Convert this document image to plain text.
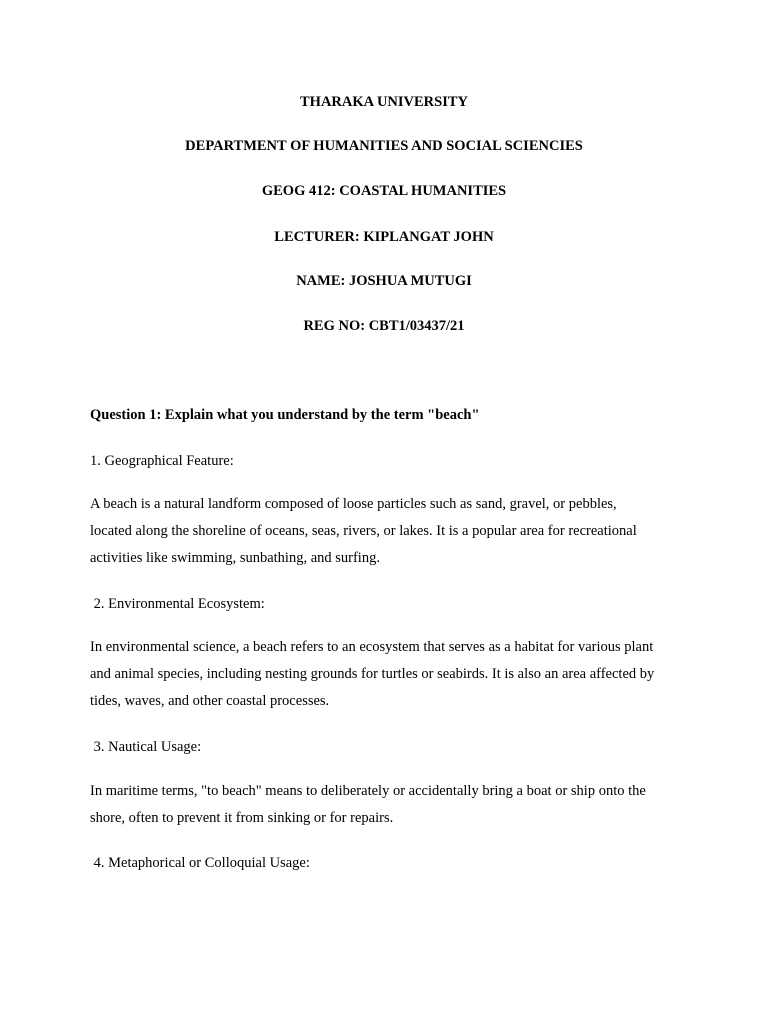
THARAKA UNIVERSITY

DEPARTMENT OF HUMANITIES AND SOCIAL SCIENCIES

GEOG 412: COASTAL HUMANITIES

LECTURER: KIPLANGAT JOHN

NAME: JOSHUA MUTUGI

REG NO: CBT1/03437/21

Question 1: Explain what you understand by the term "beach"

1. Geographical Feature:

A beach is a natural landform composed of loose particles such as sand, gravel, or pebbles,
located along the shoreline of oceans, seas, rivers, or lakes. It is a popular area for recreational
activities like swimming, sunbathing, and surfing.

2. Environmental Ecosystem:

In environmental science, a beach refers to an ecosystem that serves as a habitat for various plant
and animal species, including nesting grounds for turtles or seabirds. It is also an area affected by
tides, waves, and other coastal processes.

3. Nautical Usage:

In maritime terms, "to beach" means to deliberately or accidentally bring a boat or ship onto the
shore, often to prevent it from sinking or for repairs.

4. Metaphorical or Colloquial Usage:
